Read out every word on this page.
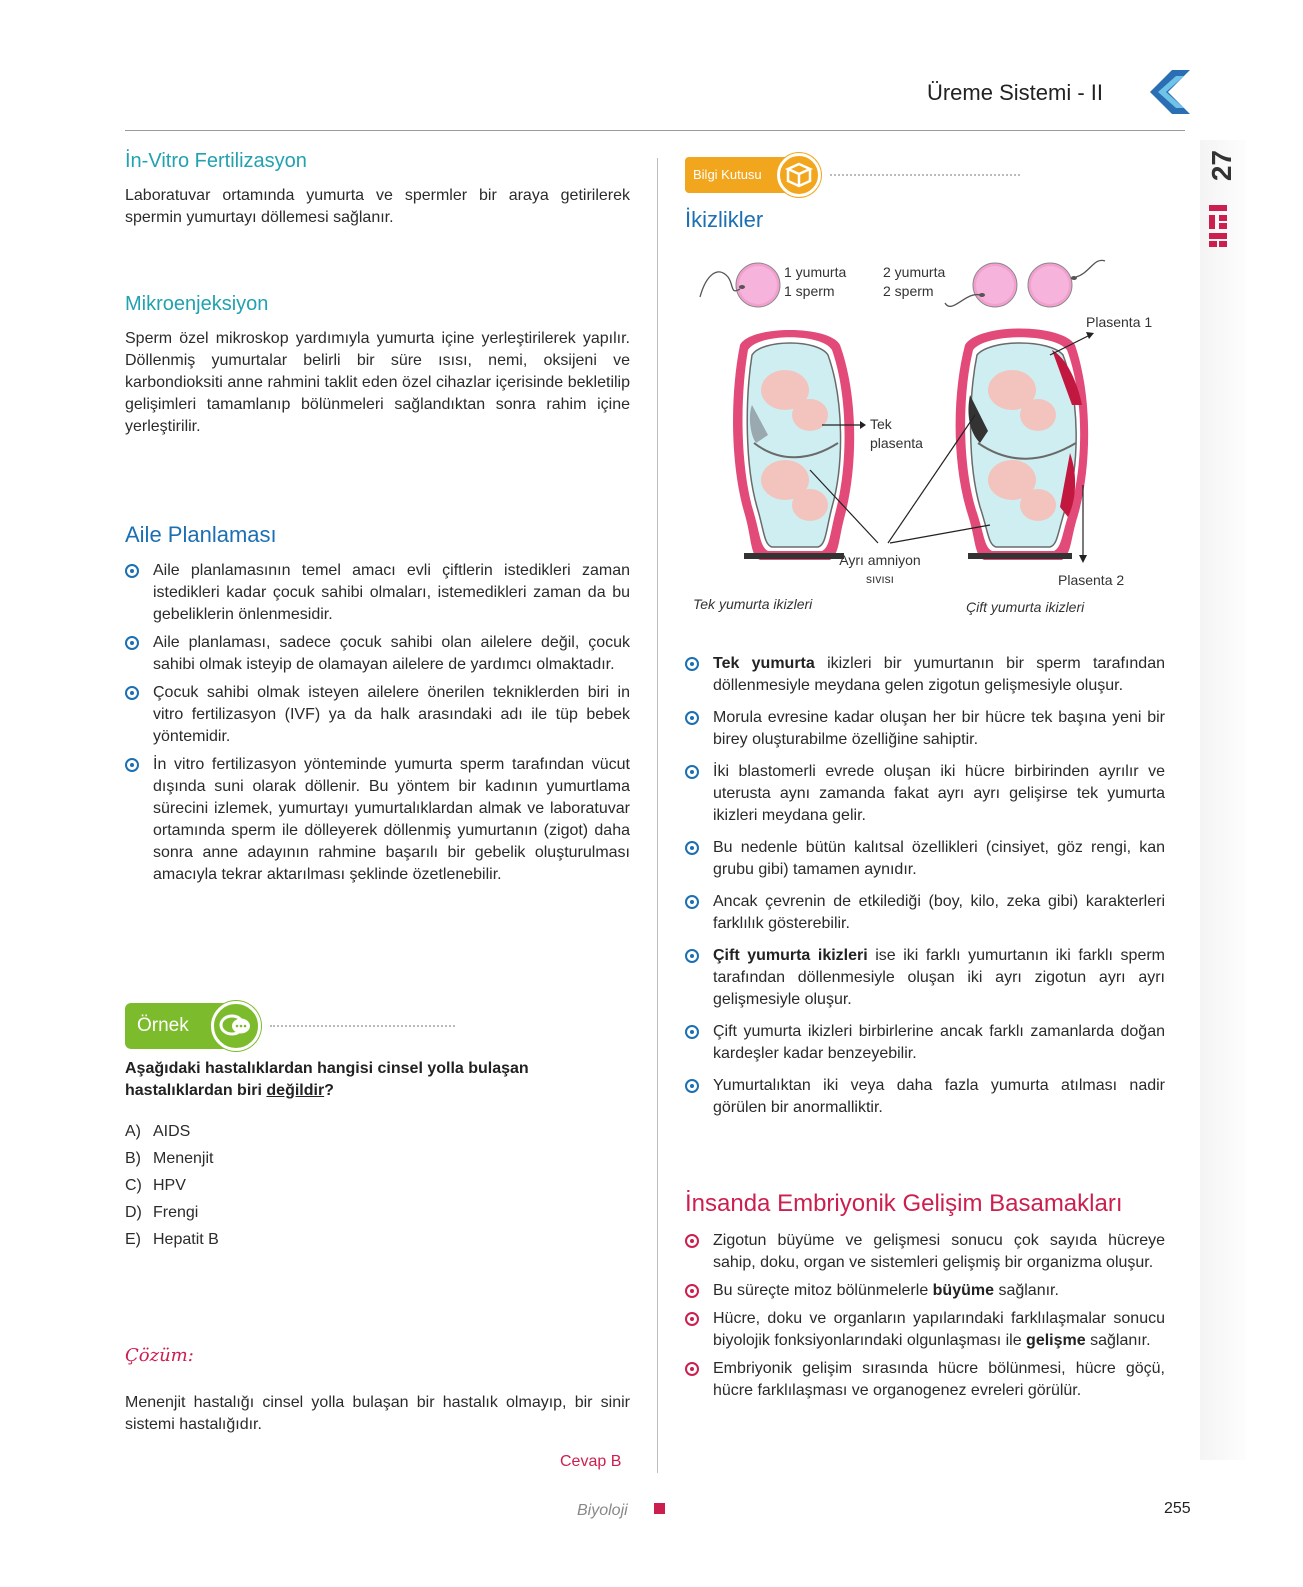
Üreme Sistemi - II
27
İn-Vitro Fertilizasyon

Laboratuvar ortamında yumurta ve spermler bir araya getirilerek spermin yumurtayı döllemesi sağlanır.

Mikroenjeksiyon

Sperm özel mikroskop yardımıyla yumurta içine yerleştirilerek yapılır. Döllenmiş yumurtalar belirli bir süre ısısı, nemi, oksijeni ve karbondioksiti anne rahmini taklit eden özel cihazlar içerisinde bekletilip gelişimleri tamamlanıp bölünmeleri sağlandıktan sonra rahim içine yerleştirilir.

Aile Planlaması
Aile planlamasının temel amacı evli çiftlerin istedikleri zaman istedikleri kadar çocuk sahibi olmaları, istemedikleri zaman da bu gebeliklerin önlenmesidir.
Aile planlaması, sadece çocuk sahibi olan ailelere değil, çocuk sahibi olmak isteyip de olamayan ailelere de yardımcı olmaktadır.
Çocuk sahibi olmak isteyen ailelere önerilen tekniklerden biri in vitro fertilizasyon (IVF) ya da halk arasındaki adı ile tüp bebek yöntemidir.
İn vitro fertilizasyon yönteminde yumurta sperm tarafından vücut dışında suni olarak döllenir. Bu yöntem bir kadının yumurtlama sürecini izlemek, yumurtayı yumurtalıklardan almak ve laboratuvar ortamında sperm ile dölleyerek döllenmiş yumurtanın (zigot) daha sonra anne adayının rahmine başarılı bir gebelik oluşturulması amacıyla tekrar aktarılması şeklinde özetlenebilir.
Örnek
Aşağıdaki hastalıklardan hangisi cinsel yolla bulaşan hastalıklardan biri değildir?
A) AIDS
B) Menenjit
C) HPV
D) Frengi
E) Hepatit B
Çözüm:

Menenjit hastalığı cinsel yolla bulaşan bir hastalık olmayıp, bir sinir sistemi hastalığıdır.

Cevap B
Bilgi Kutusu
İkizlikler
1 yumurta
1 sperm
2 yumurta
2 sperm
Plasenta 1
Tek
plasenta
Ayrı amniyon
sıvısı	Plasenta 2
Tek yumurta ikizleri	Çift yumurta ikizleri
Tek yumurta ikizleri bir yumurtanın bir sperm tarafından döllenmesiyle meydana gelen zigotun gelişmesiyle oluşur.
Morula evresine kadar oluşan her bir hücre tek başına yeni bir birey oluşturabilme özelliğine sahiptir.
İki blastomerli evrede oluşan iki hücre birbirinden ayrılır ve uterusta aynı zamanda fakat ayrı ayrı gelişirse tek yumurta ikizleri meydana gelir.
Bu nedenle bütün kalıtsal özellikleri (cinsiyet, göz rengi, kan grubu gibi) tamamen aynıdır.
Ancak çevrenin de etkilediği (boy, kilo, zeka gibi) karakterleri farklılık gösterebilir.
Çift yumurta ikizleri ise iki farklı yumurtanın iki farklı sperm tarafından döllenmesiyle oluşan iki ayrı zigotun ayrı ayrı gelişmesiyle oluşur.
Çift yumurta ikizleri birbirlerine ancak farklı zamanlarda doğan kardeşler kadar benzeyebilir.
Yumurtalıktan iki veya daha fazla yumurta atılması nadir görülen bir anormalliktir.
İnsanda Embriyonik Gelişim Basamakları
Zigotun büyüme ve gelişmesi sonucu çok sayıda hücreye sahip, doku, organ ve sistemleri gelişmiş bir organizma oluşur.
Bu süreçte mitoz bölünmelerle büyüme sağlanır.
Hücre, doku ve organların yapılarındaki farklılaşmalar sonucu biyolojik fonksiyonlarındaki olgunlaşması ile gelişme sağlanır.
Embriyonik gelişim sırasında hücre bölünmesi, hücre göçü, hücre farklılaşması ve organogenez evreleri görülür.
Biyoloji	255
